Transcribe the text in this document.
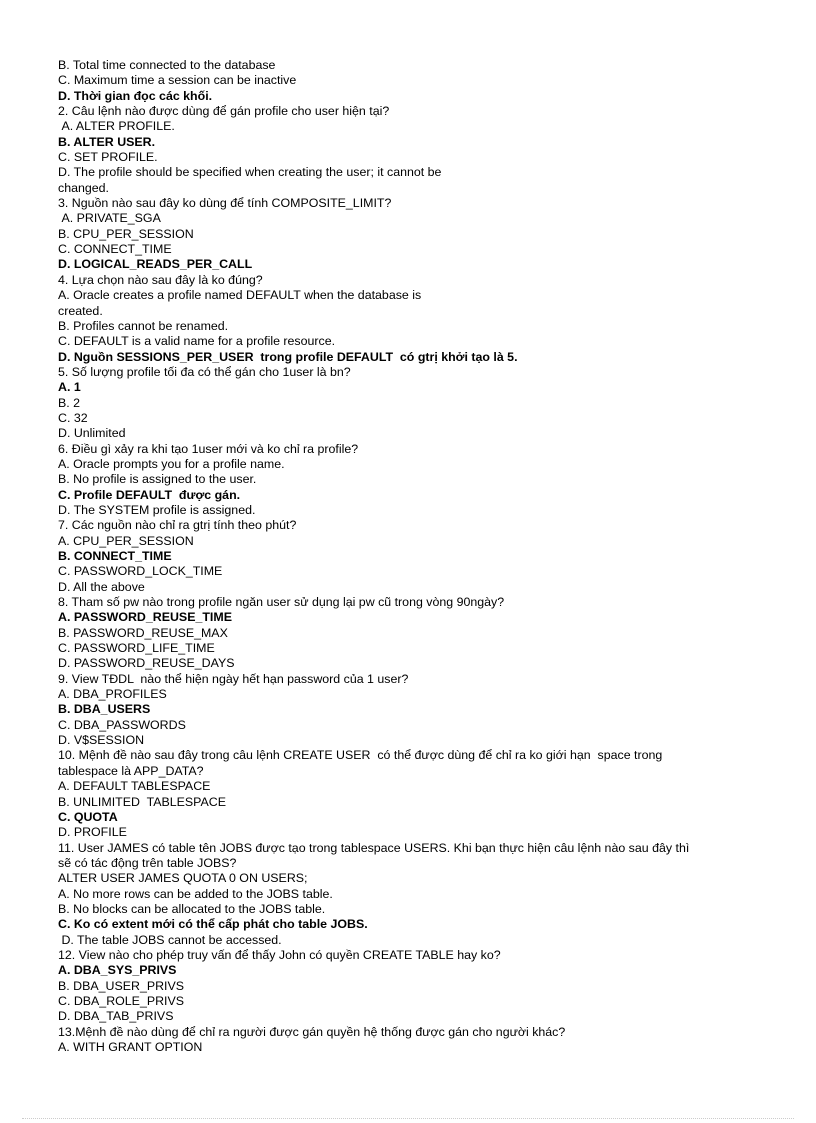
B. Total time connected to the database
C. Maximum time a session can be inactive
D. Thời gian đọc các khối.
2. Câu lệnh nào được dùng để gán profile cho user hiện tại?
A. ALTER PROFILE.
B. ALTER USER.
C. SET PROFILE.
D. The profile should be specified when creating the user; it cannot be
changed.
3. Nguồn nào sau đây ko dùng để tính COMPOSITE_LIMIT?
A. PRIVATE_SGA
B. CPU_PER_SESSION
C. CONNECT_TIME
D. LOGICAL_READS_PER_CALL
4. Lựa chọn nào sau đây là ko đúng?
A. Oracle creates a profile named DEFAULT when the database is
created.
B. Profiles cannot be renamed.
C. DEFAULT is a valid name for a profile resource.
D. Nguồn SESSIONS_PER_USER  trong profile DEFAULT  có gtrị khởi tạo là 5.
5. Số lượng profile tối đa có thể gán cho 1user là bn?
A. 1
B. 2
C. 32
D. Unlimited
6. Điều gì xảy ra khi tạo 1user mới và ko chỉ ra profile?
A. Oracle prompts you for a profile name.
B. No profile is assigned to the user.
C. Profile DEFAULT  được gán.
D. The SYSTEM profile is assigned.
7. Các nguồn nào chỉ ra gtrị tính theo phút?
A. CPU_PER_SESSION
B. CONNECT_TIME
C. PASSWORD_LOCK_TIME
D. All the above
8. Tham số pw nào trong profile ngăn user sử dụng lại pw cũ trong vòng 90ngày?
A. PASSWORD_REUSE_TIME
B. PASSWORD_REUSE_MAX
C. PASSWORD_LIFE_TIME
D. PASSWORD_REUSE_DAYS
9. View TĐDL  nào thể hiện ngày hết hạn password của 1 user?
A. DBA_PROFILES
B. DBA_USERS
C. DBA_PASSWORDS
D. V$SESSION
10. Mệnh đề nào sau đây trong câu lệnh CREATE USER  có thể được dùng để chỉ ra ko giới hạn  space trong
tablespace là APP_DATA?
A. DEFAULT TABLESPACE
B. UNLIMITED  TABLESPACE
C. QUOTA
D. PROFILE
11. User JAMES có table tên JOBS được tạo trong tablespace USERS. Khi bạn thực hiện câu lệnh nào sau đây thì
sẽ có tác động trên table JOBS?
ALTER USER JAMES QUOTA 0 ON USERS;
A. No more rows can be added to the JOBS table.
B. No blocks can be allocated to the JOBS table.
C. Ko có extent mới có thể cấp phát cho table JOBS.
D. The table JOBS cannot be accessed.
12. View nào cho phép truy vấn để thấy John có quyền CREATE TABLE hay ko?
A. DBA_SYS_PRIVS
B. DBA_USER_PRIVS
C. DBA_ROLE_PRIVS
D. DBA_TAB_PRIVS
13.Mệnh đề nào dùng để chỉ ra người được gán quyền hệ thống được gán cho người khác?
A. WITH GRANT OPTION
